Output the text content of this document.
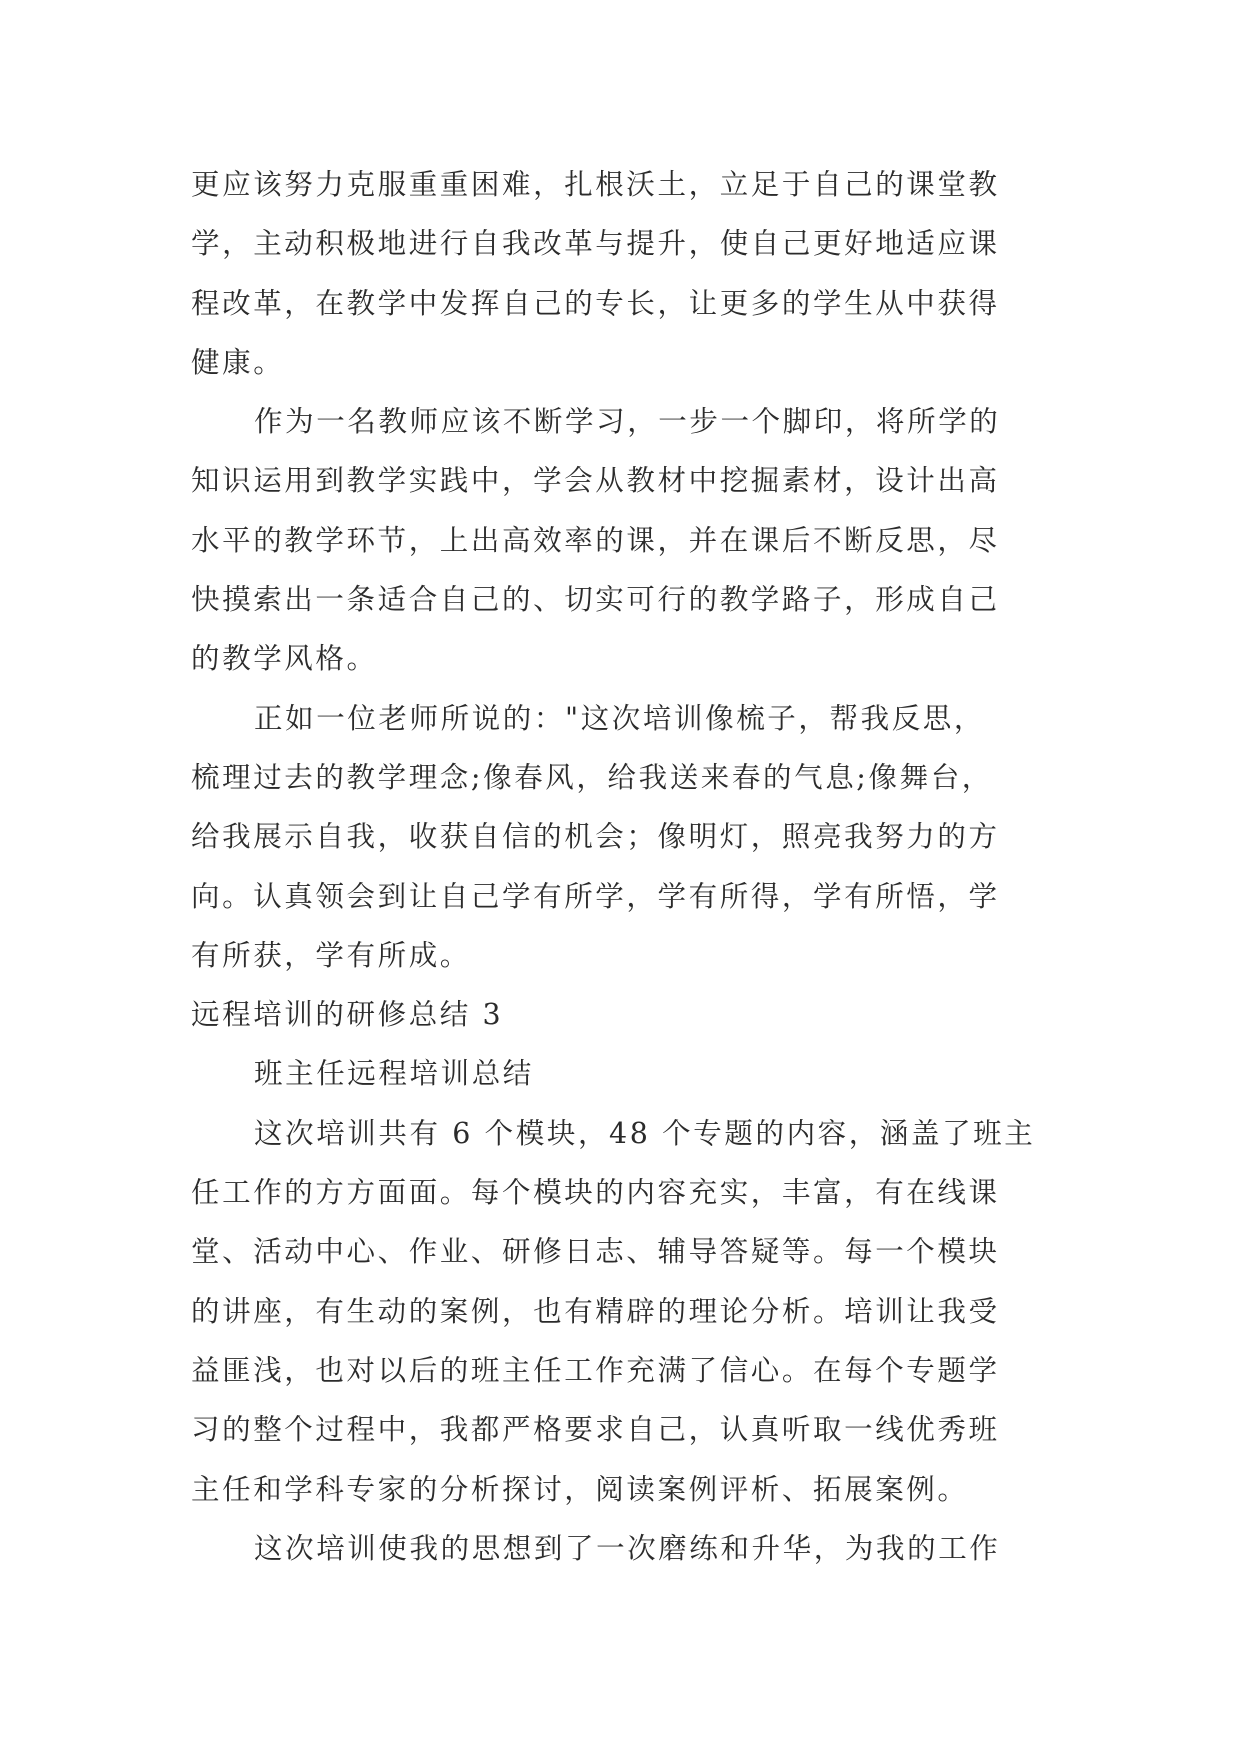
更应该努力克服重重困难，扎根沃土，立足于自己的课堂教
学，主动积极地进行自我改革与提升，使自己更好地适应课
程改革，在教学中发挥自己的专长，让更多的学生从中获得
健康。
作为一名教师应该不断学习，一步一个脚印，将所学的
知识运用到教学实践中，学会从教材中挖掘素材，设计出高
水平的教学环节，上出高效率的课，并在课后不断反思，尽
快摸索出一条适合自己的、切实可行的教学路子，形成自己
的教学风格。
正如一位老师所说的："这次培训像梳子，帮我反思，
梳理过去的教学理念;像春风，给我送来春的气息;像舞台，
给我展示自我，收获自信的机会；像明灯，照亮我努力的方
向。认真领会到让自己学有所学，学有所得，学有所悟，学
有所获，学有所成。
远程培训的研修总结 3
班主任远程培训总结
这次培训共有 6 个模块，48 个专题的内容，涵盖了班主
任工作的方方面面。每个模块的内容充实，丰富，有在线课
堂、活动中心、作业、研修日志、辅导答疑等。每一个模块
的讲座，有生动的案例，也有精辟的理论分析。培训让我受
益匪浅，也对以后的班主任工作充满了信心。在每个专题学
习的整个过程中，我都严格要求自己，认真听取一线优秀班
主任和学科专家的分析探讨，阅读案例评析、拓展案例。
这次培训使我的思想到了一次磨练和升华，为我的工作
